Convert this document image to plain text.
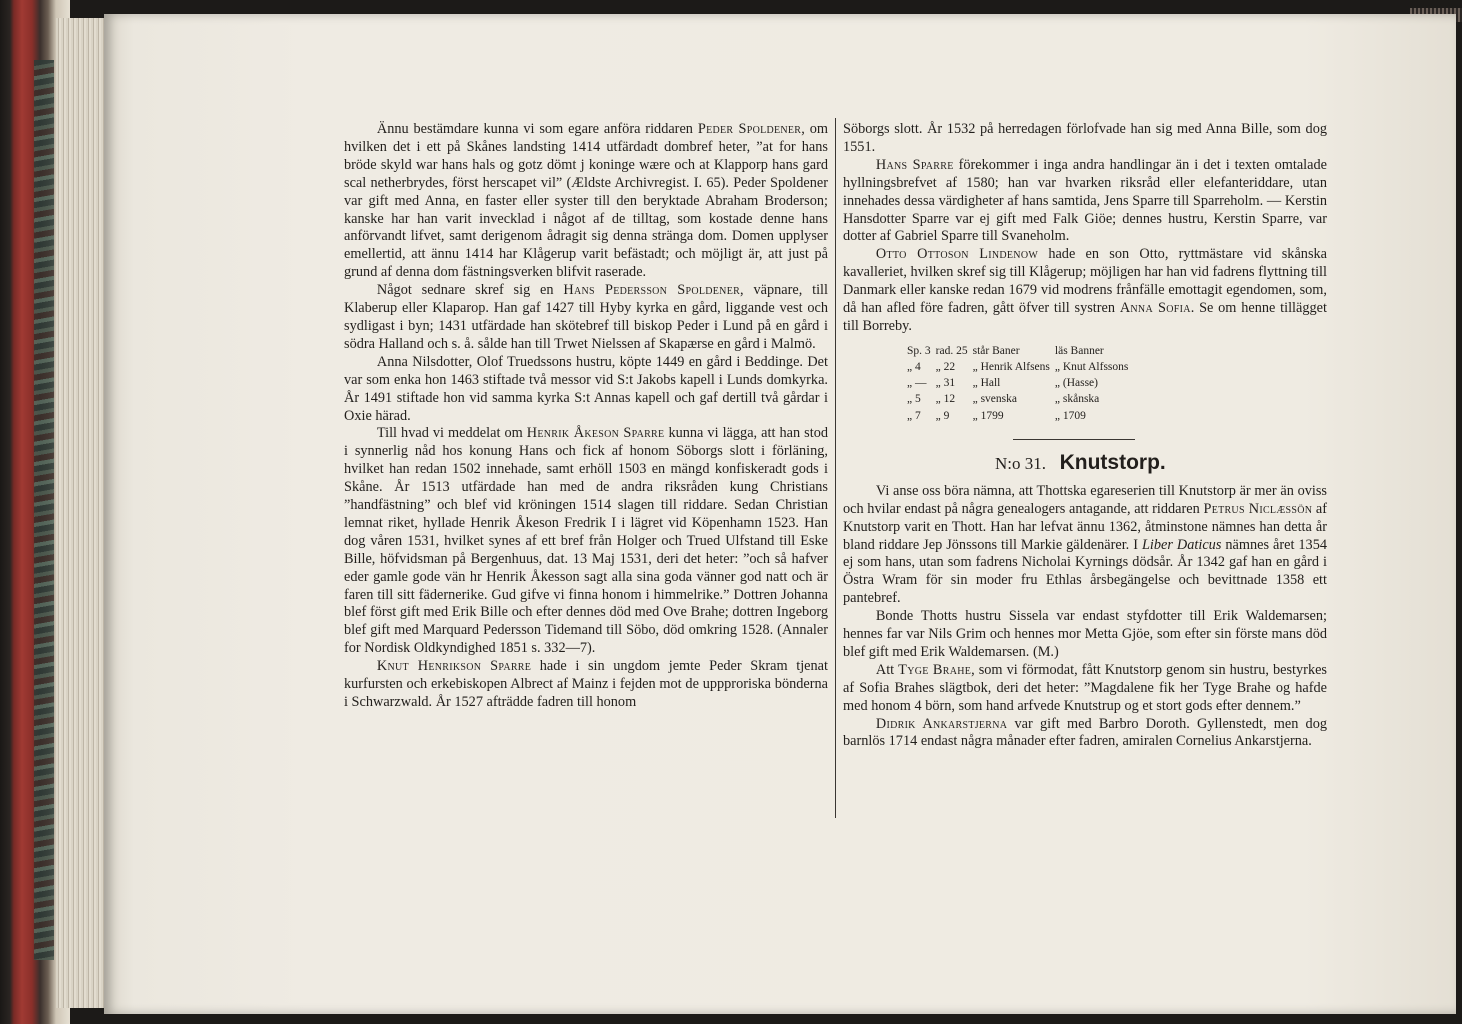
Ännu bestämdare kunna vi som egare anföra riddaren Peder Spoldener, om hvilken det i ett på Skånes landsting 1414 utfärdadt dombref heter, ”at for hans bröde skyld war hans hals og gotz dömt j koninge wære och at Klapporp hans gard scal netherbrydes, först herscapet vil” (Ældste Archivregist. I. 65). Peder Spoldener var gift med Anna, en faster eller syster till den beryktade Abraham Broderson; kanske har han varit invecklad i något af de tilltag, som kostade denne hans anförvandt lifvet, samt derigenom ådragit sig denna stränga dom. Domen upplyser emellertid, att ännu 1414 har Klågerup varit befästadt; och möjligt är, att just på grund af denna dom fästningsverken blifvit raserade.

Något sednare skref sig en Hans Pedersson Spoldener, väpnare, till Klaberup eller Klaparop. Han gaf 1427 till Hyby kyrka en gård, liggande vest och sydligast i byn; 1431 utfärdade han skötebref till biskop Peder i Lund på en gård i södra Halland och s. å. sålde han till Trwet Nielssen af Skapærse en gård i Malmö.

Anna Nilsdotter, Olof Truedssons hustru, köpte 1449 en gård i Beddinge. Det var som enka hon 1463 stiftade två messor vid S:t Jakobs kapell i Lunds domkyrka. År 1491 stiftade hon vid samma kyrka S:t Annas kapell och gaf dertill två gårdar i Oxie härad.

Till hvad vi meddelat om Henrik Åkeson Sparre kunna vi lägga, att han stod i synnerlig nåd hos konung Hans och fick af honom Söborgs slott i förläning, hvilket han redan 1502 innehade, samt erhöll 1503 en mängd konfiskeradt gods i Skåne. År 1513 utfärdade han med de andra riksråden kung Christians ”handfästning” och blef vid kröningen 1514 slagen till riddare. Sedan Christian lemnat riket, hyllade Henrik Åkeson Fredrik I i lägret vid Köpenhamn 1523. Han dog våren 1531, hvilket synes af ett bref från Holger och Trued Ulfstand till Eske Bille, höfvidsman på Bergenhuus, dat. 13 Maj 1531, deri det heter: ”och så hafver eder gamle gode vän hr Henrik Åkesson sagt alla sina goda vänner god natt och är faren till sitt fädernerike. Gud gifve vi finna honom i himmelrike.” Dottren Johanna blef först gift med Erik Bille och efter dennes död med Ove Brahe; dottren Ingeborg blef gift med Marquard Pedersson Tidemand till Söbo, död omkring 1528. (Annaler for Nordisk Oldkyndighed 1851 s. 332—7).

Knut Henrikson Sparre hade i sin ungdom jemte Peder Skram tjenat kurfursten och erkebiskopen Albrect af Mainz i fejden mot de uppproriska bönderna i Schwarzwald. År 1527 afträdde fadren till honom

Söborgs slott. År 1532 på herredagen förlofvade han sig med Anna Bille, som dog 1551.

Hans Sparre förekommer i inga andra handlingar än i det i texten omtalade hyllningsbrefvet af 1580; han var hvarken riksråd eller elefanteriddare, utan innehades dessa värdigheter af hans samtida, Jens Sparre till Sparreholm. — Kerstin Hansdotter Sparre var ej gift med Falk Giöe; dennes hustru, Kerstin Sparre, var dotter af Gabriel Sparre till Svaneholm.

Otto Ottoson Lindenow hade en son Otto, ryttmästare vid skånska kavalleriet, hvilken skref sig till Klågerup; möjligen har han vid fadrens flyttning till Danmark eller kanske redan 1679 vid modrens frånfälle emottagit egendomen, som, då han afled före fadren, gått öfver till systren Anna Sofia. Se om henne tillägget till Borreby.

Sp. 3	rad. 25	står Baner	läs Banner
„ 4	„ 22	„ Henrik Alfsens	„ Knut Alfssons
„ —	„ 31	„ Hall	„ (Hasse)
„ 5	„ 12	„ svenska	„ skånska
„ 7	„ 9	„ 1799	„ 1709
N:o 31. Knutstorp.

Vi anse oss böra nämna, att Thottska egareserien till Knutstorp är mer än oviss och hvilar endast på några genealogers antagande, att riddaren Petrus Niclæssön af Knutstorp varit en Thott. Han har lefvat ännu 1362, åtminstone nämnes han detta år bland riddare Jep Jönssons till Markie gäldenärer. I Liber Daticus nämnes året 1354 ej som hans, utan som fadrens Nicholai Kyrnings dödsår. År 1342 gaf han en gård i Östra Wram för sin moder fru Ethlas årsbegängelse och bevittnade 1358 ett pantebref.

Bonde Thotts hustru Sissela var endast styfdotter till Erik Waldemarsen; hennes far var Nils Grim och hennes mor Metta Gjöe, som efter sin förste mans död blef gift med Erik Waldemarsen. (M.)

Att Tyge Brahe, som vi förmodat, fått Knutstorp genom sin hustru, bestyrkes af Sofia Brahes slägtbok, deri det heter: ”Magdalene fik her Tyge Brahe og hafde med honom 4 börn, som hand arfvede Knutstrup og et stort gods efter dennem.”

Didrik Ankarstjerna var gift med Barbro Doroth. Gyllenstedt, men dog barnlös 1714 endast några månader efter fadren, amiralen Cornelius Ankarstjerna.
